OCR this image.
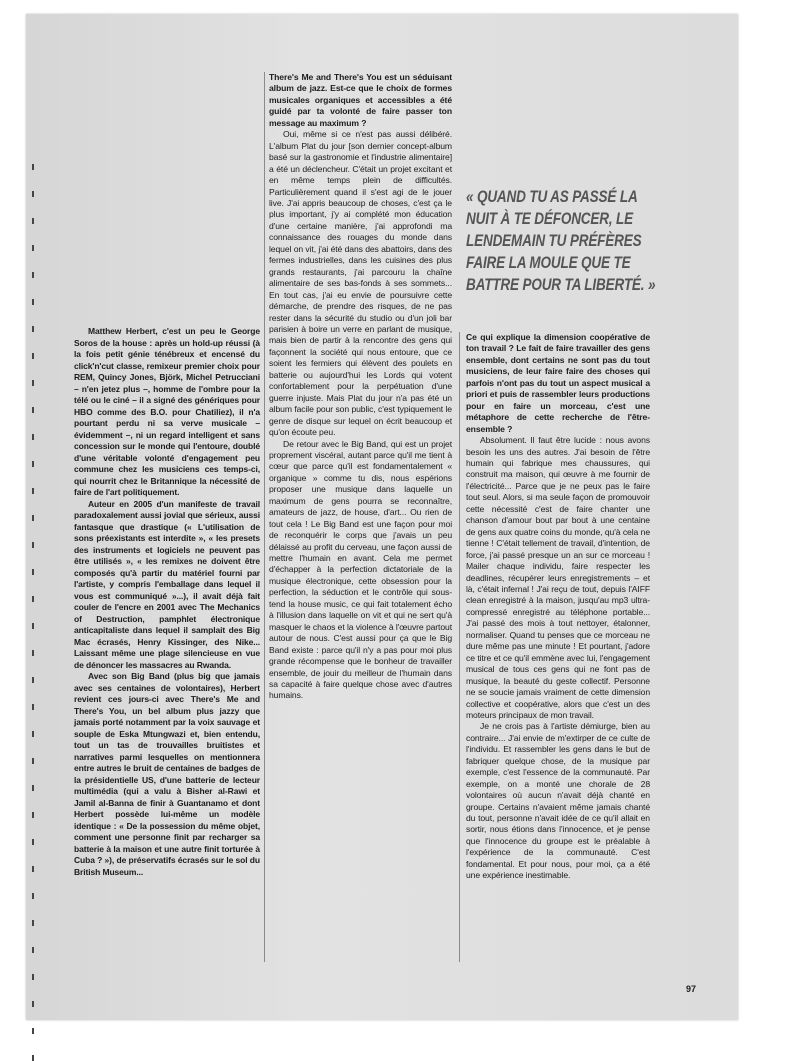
Matthew Herbert, c'est un peu le George Soros de la house : après un hold-up réussi (à la fois petit génie ténébreux et encensé du click'n'cut classe, remixeur premier choix pour REM, Quincy Jones, Björk, Michel Petrucciani – n'en jetez plus –, homme de l'ombre pour la télé ou le ciné – il a signé des génériques pour HBO comme des B.O. pour Chatiliez), il n'a pourtant perdu ni sa verve musicale – évidemment –, ni un regard intelligent et sans concession sur le monde qui l'entoure, doublé d'une véritable volonté d'engagement peu commune chez les musiciens ces temps-ci, qui nourrit chez le Britannique la nécessité de faire de l'art politiquement.

Auteur en 2005 d'un manifeste de travail paradoxalement aussi jovial que sérieux, aussi fantasque que drastique (« L'utilisation de sons préexistants est interdite », « les presets des instruments et logiciels ne peuvent pas être utilisés », « les remixes ne doivent être composés qu'à partir du matériel fourni par l'artiste, y compris l'emballage dans lequel il vous est communiqué »...), il avait déjà fait couler de l'encre en 2001 avec The Mechanics of Destruction, pamphlet électronique anticapitaliste dans lequel il samplait des Big Mac écrasés, Henry Kissinger, des Nike... Laissant même une plage silencieuse en vue de dénoncer les massacres au Rwanda.

Avec son Big Band (plus big que jamais avec ses centaines de volontaires), Herbert revient ces jours-ci avec There's Me and There's You, un bel album plus jazzy que jamais porté notamment par la voix sauvage et souple de Eska Mtungwazi et, bien entendu, tout un tas de trouvailles bruitistes et narratives parmi lesquelles on mentionnera entre autres le bruit de centaines de badges de la présidentielle US, d'une batterie de lecteur multimédia (qui a valu à Bisher al-Rawi et Jamil al-Banna de finir à Guantanamo et dont Herbert possède lui-même un modèle identique : « De la possession du même objet, comment une personne finit par recharger sa batterie à la maison et une autre finit torturée à Cuba ? »), de préservatifs écrasés sur le sol du British Museum...

There's Me and There's You est un séduisant album de jazz. Est-ce que le choix de formes musicales organiques et accessibles a été guidé par ta volonté de faire passer ton message au maximum ?

Oui, même si ce n'est pas aussi délibéré. L'album Plat du jour [son dernier concept-album basé sur la gastronomie et l'industrie alimentaire] a été un déclencheur. C'était un projet excitant et en même temps plein de difficultés. Particulièrement quand il s'est agi de le jouer live. J'ai appris beaucoup de choses, c'est ça le plus important, j'y ai complété mon éducation d'une certaine manière, j'ai approfondi ma connaissance des rouages du monde dans lequel on vit, j'ai été dans des abattoirs, dans des fermes industrielles, dans les cuisines des plus grands restaurants, j'ai parcouru la chaîne alimentaire de ses bas-fonds à ses sommets... En tout cas, j'ai eu envie de poursuivre cette démarche, de prendre des risques, de ne pas rester dans la sécurité du studio ou d'un joli bar parisien à boire un verre en parlant de musique, mais bien de partir à la rencontre des gens qui façonnent la société qui nous entoure, que ce soient les fermiers qui élèvent des poulets en batterie ou aujourd'hui les Lords qui votent confortablement pour la perpétuation d'une guerre injuste. Mais Plat du jour n'a pas été un album facile pour son public, c'est typiquement le genre de disque sur lequel on écrit beaucoup et qu'on écoute peu.

De retour avec le Big Band, qui est un projet proprement viscéral, autant parce qu'il me tient à cœur que parce qu'il est fondamentalement « organique » comme tu dis, nous espérions proposer une musique dans laquelle un maximum de gens pourra se reconnaître, amateurs de jazz, de house, d'art... Ou rien de tout cela ! Le Big Band est une façon pour moi de reconquérir le corps que j'avais un peu délaissé au profit du cerveau, une façon aussi de mettre l'humain en avant. Cela me permet d'échapper à la perfection dictatoriale de la musique électronique, cette obsession pour la perfection, la séduction et le contrôle qui sous-tend la house music, ce qui fait totalement écho à l'illusion dans laquelle on vit et qui ne sert qu'à masquer le chaos et la violence à l'œuvre partout autour de nous. C'est aussi pour ça que le Big Band existe : parce qu'il n'y a pas pour moi plus grande récompense que le bonheur de travailler ensemble, de jouir du meilleur de l'humain dans sa capacité à faire quelque chose avec d'autres humains.

« QUAND TU AS PASSÉ LA NUIT À TE DÉFONCER, LE LENDEMAIN TU PRÉFÈRES FAIRE LA MOULE QUE TE BATTRE POUR TA LIBERTÉ. »

Ce qui explique la dimension coopérative de ton travail ? Le fait de faire travailler des gens ensemble, dont certains ne sont pas du tout musiciens, de leur faire faire des choses qui parfois n'ont pas du tout un aspect musical a priori et puis de rassembler leurs productions pour en faire un morceau, c'est une métaphore de cette recherche de l'être-ensemble ?

Absolument. Il faut être lucide : nous avons besoin les uns des autres. J'ai besoin de l'être humain qui fabrique mes chaussures, qui construit ma maison, qui œuvre à me fournir de l'électricité... Parce que je ne peux pas le faire tout seul. Alors, si ma seule façon de promouvoir cette nécessité c'est de faire chanter une chanson d'amour bout par bout à une centaine de gens aux quatre coins du monde, qu'à cela ne tienne ! C'était tellement de travail, d'intention, de force, j'ai passé presque un an sur ce morceau ! Mailer chaque individu, faire respecter les deadlines, récupérer leurs enregistrements – et là, c'était infernal ! J'ai reçu de tout, depuis l'AIFF clean enregistré à la maison, jusqu'au mp3 ultra-compressé enregistré au téléphone portable... J'ai passé des mois à tout nettoyer, étalonner, normaliser. Quand tu penses que ce morceau ne dure même pas une minute ! Et pourtant, j'adore ce titre et ce qu'il emmène avec lui, l'engagement musical de tous ces gens qui ne font pas de musique, la beauté du geste collectif. Personne ne se soucie jamais vraiment de cette dimension collective et coopérative, alors que c'est un des moteurs principaux de mon travail.

Je ne crois pas à l'artiste démiurge, bien au contraire... J'ai envie de m'extirper de ce culte de l'individu. Et rassembler les gens dans le but de fabriquer quelque chose, de la musique par exemple, c'est l'essence de la communauté. Par exemple, on a monté une chorale de 28 volontaires où aucun n'avait déjà chanté en groupe. Certains n'avaient même jamais chanté du tout, personne n'avait idée de ce qu'il allait en sortir, nous étions dans l'innocence, et je pense que l'innocence du groupe est le préalable à l'expérience de la communauté. C'est fondamental. Et pour nous, pour moi, ça a été une expérience inestimable.

97
